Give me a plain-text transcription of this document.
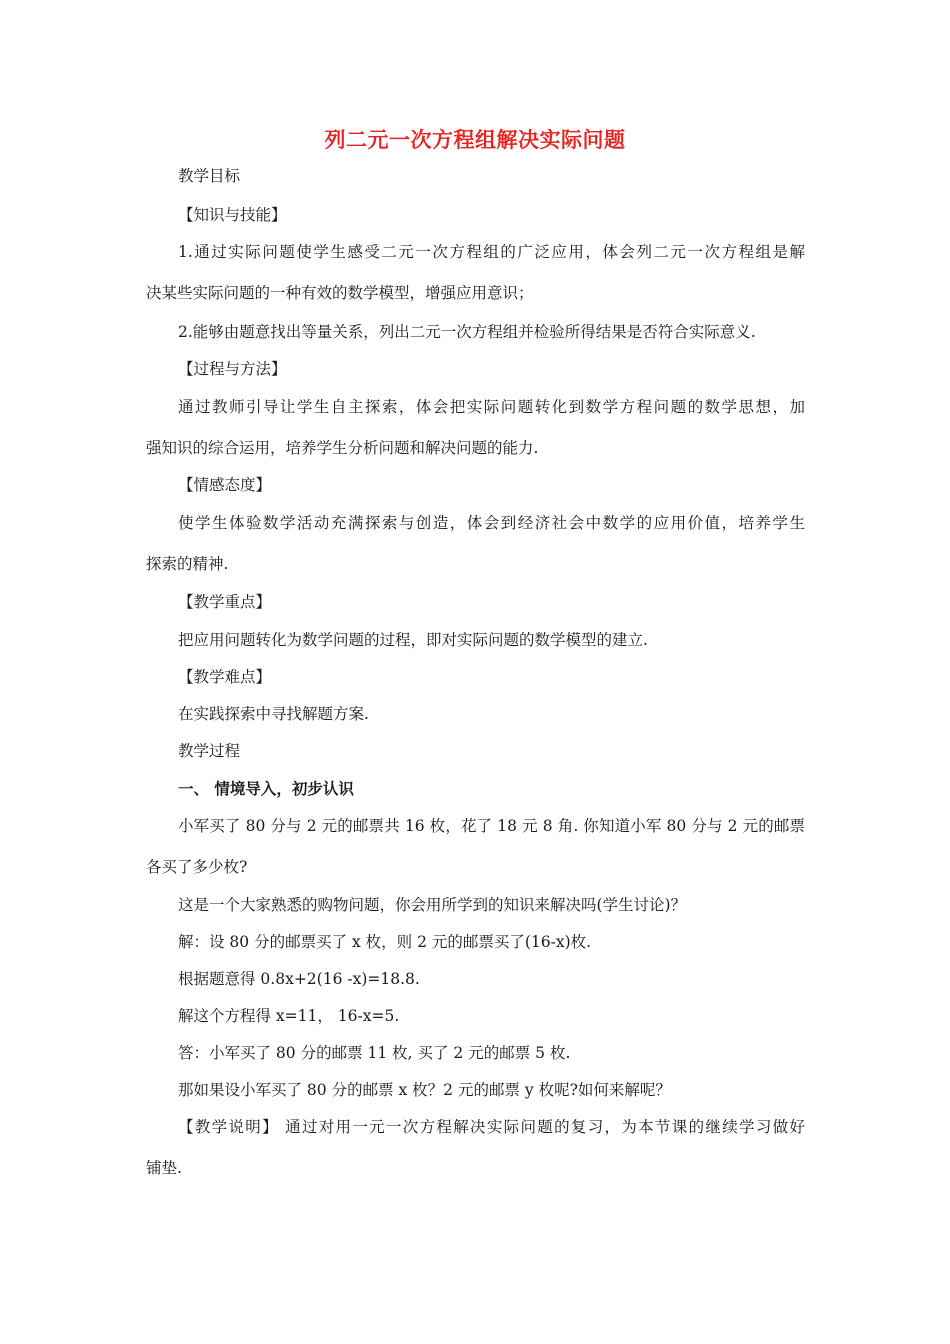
列二元一次方程组解决实际问题
教学目标
【知识与技能】
1.通过实际问题使学生感受二元一次方程组的广泛应用，体会列二元一次方程组是解
决某些实际问题的一种有效的数学模型，增强应用意识；
2.能够由题意找出等量关系，列出二元一次方程组并检验所得结果是否符合实际意义.
【过程与方法】
通过教师引导让学生自主探索，体会把实际问题转化到数学方程问题的数学思想，加
强知识的综合运用，培养学生分析问题和解决问题的能力.
【情感态度】
使学生体验数学活动充满探索与创造，体会到经济社会中数学的应用价值，培养学生
探索的精神.
【教学重点】
把应用问题转化为数学问题的过程，即对实际问题的数学模型的建立.
【教学难点】
在实践探索中寻找解题方案.
教学过程
一、 情境导入，初步认识
小军买了 80 分与 2 元的邮票共 16 枚，花了 18 元 8 角. 你知道小军 80 分与 2 元的邮票
各买了多少枚?
这是一个大家熟悉的购物问题，你会用所学到的知识来解决吗(学生讨论)？
解：设 80 分的邮票买了 x 枚，则 2 元的邮票买了(16-x)枚.
根据题意得 0.8x+2(16 -x)=18.8.
解这个方程得 x=11， 16-x=5.
答：小军买了 80 分的邮票 11 枚, 买了 2 元的邮票 5 枚.
那如果设小军买了 80 分的邮票 x 枚？2 元的邮票 y 枚呢?如何来解呢？
【教学说明】 通过对用一元一次方程解决实际问题的复习，为本节课的继续学习做好
铺垫.
